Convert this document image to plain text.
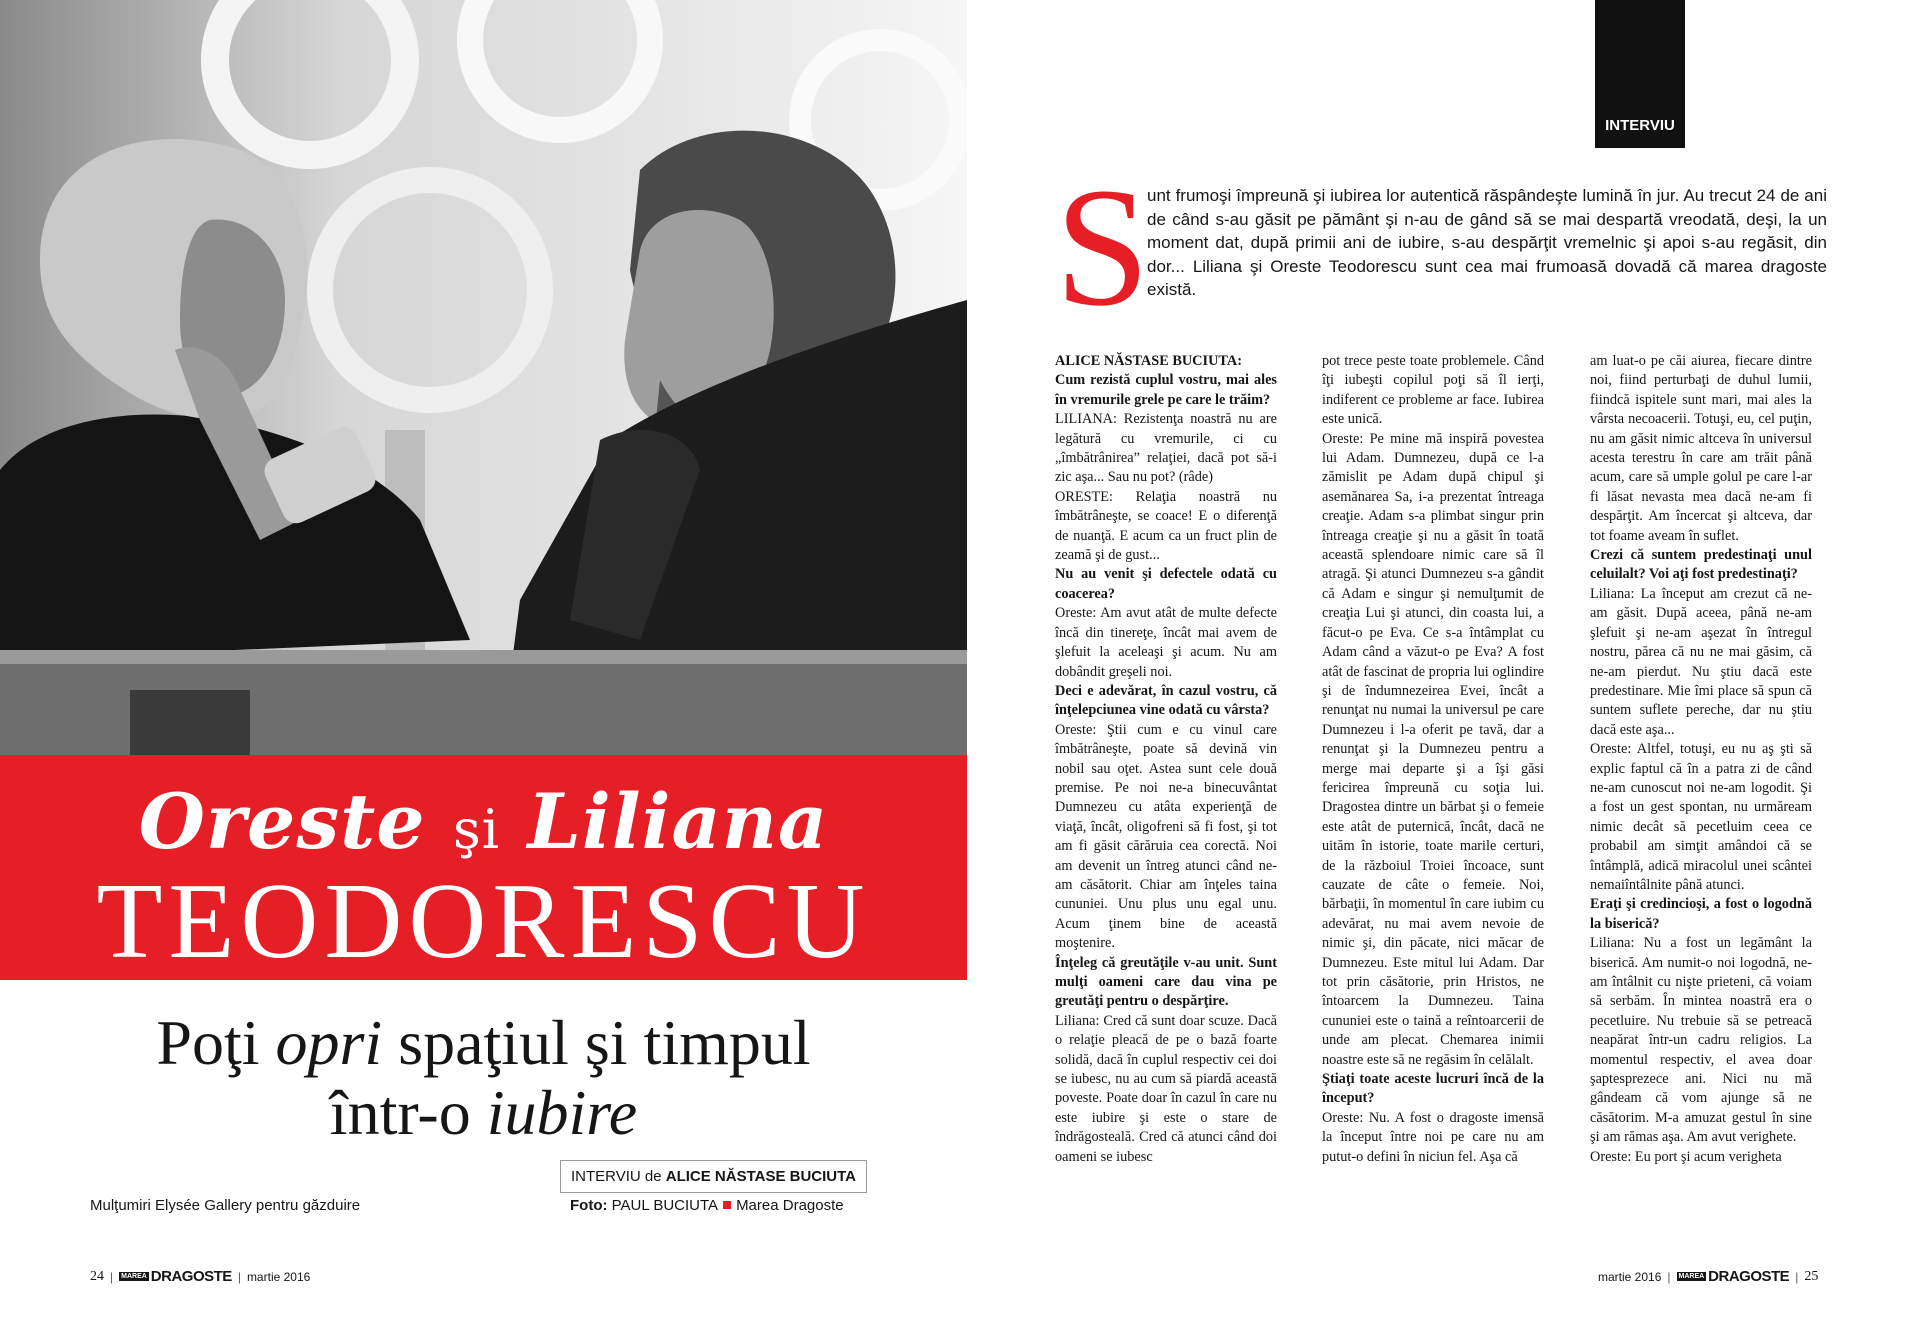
Oreste şi Liliana
TEODORESCU
Poţi opri spaţiul şi timpul
într-o iubire
INTERVIU de ALICE NĂSTASE BUCIUTA
Foto: PAUL BUCIUTA Marea Dragoste
Mulţumiri Elysée Gallery pentru găzduire
24 | MAREA DRAGOSTE | martie 2016
INTERVIU
S

unt frumoşi împreună şi iubirea lor autentică răspândeşte lumină în jur. Au trecut 24 de ani de când s-au găsit pe pământ şi n-au de gând să se mai despartă vreodată, deşi, la un moment dat, după primii ani de iubire, s-au despărţit vremelnic şi apoi s-au regăsit, din dor... Liliana şi Oreste Teodorescu sunt cea mai frumoasă dovadă că marea dragoste există.

ALICE NĂSTASE BUCIUTA:

Cum rezistă cuplul vostru, mai ales în vremurile grele pe care le trăim?

LILIANA: Rezistenţa noastră nu are legătură cu vremurile, ci cu „îmbătrânirea” relaţiei, dacă pot să-i zic aşa... Sau nu pot? (râde)

ORESTE: Relaţia noastră nu îmbătrâneşte, se coace! E o diferenţă de nuanţă. E acum ca un fruct plin de zeamă şi de gust...

Nu au venit şi defectele odată cu coacerea?

Oreste: Am avut atât de multe defecte încă din tinereţe, încât mai avem de şlefuit la aceleaşi şi acum. Nu am dobândit greşeli noi.

Deci e adevărat, în cazul vostru, că înţelepciunea vine odată cu vârsta?

Oreste: Ştii cum e cu vinul care îmbătrâneşte, poate să devină vin nobil sau oţet. Astea sunt cele două premise. Pe noi ne-a binecuvântat Dumnezeu cu atâta experienţă de viaţă, încât, oligofreni să fi fost, şi tot am fi găsit cărăruia cea corectă. Noi am devenit un întreg atunci când ne-am căsătorit. Chiar am înţeles taina cununiei. Unu plus unu egal unu. Acum ţinem bine de această moştenire.

Înţeleg că greutăţile v-au unit. Sunt mulţi oameni care dau vina pe greutăţi pentru o despărţire.

Liliana: Cred că sunt doar scuze. Dacă o relaţie pleacă de pe o bază foarte solidă, dacă în cuplul respectiv cei doi se iubesc, nu au cum să piardă această poveste. Poate doar în cazul în care nu este iubire şi este o stare de îndrăgosteală. Cred că atunci când doi oameni se iubesc

pot trece peste toate problemele. Când îţi iubeşti copilul poţi să îl ierţi, indiferent ce probleme ar face. Iubirea este unică.

Oreste: Pe mine mă inspiră povestea lui Adam. Dumnezeu, după ce l-a zămislit pe Adam după chipul şi asemănarea Sa, i-a prezentat întreaga creaţie. Adam s-a plimbat singur prin întreaga creaţie şi nu a găsit în toată această splendoare nimic care să îl atragă. Şi atunci Dumnezeu s-a gândit că Adam e singur şi nemulţumit de creaţia Lui şi atunci, din coasta lui, a făcut-o pe Eva. Ce s-a întâmplat cu Adam când a văzut-o pe Eva? A fost atât de fascinat de propria lui oglindire şi de îndumnezeirea Evei, încât a renunţat nu numai la universul pe care Dumnezeu i l-a oferit pe tavă, dar a renunţat şi la Dumnezeu pentru a merge mai departe şi a îşi găsi fericirea împreună cu soţia lui. Dragostea dintre un bărbat şi o femeie este atât de puternică, încât, dacă ne uităm în istorie, toate marile certuri, de la războiul Troiei încoace, sunt cauzate de câte o femeie. Noi, bărbaţii, în momentul în care iubim cu adevărat, nu mai avem nevoie de nimic şi, din păcate, nici măcar de Dumnezeu. Este mitul lui Adam. Dar tot prin căsătorie, prin Hristos, ne întoarcem la Dumnezeu. Taina cununiei este o taină a reîntoarcerii de unde am plecat. Chemarea inimii noastre este să ne regăsim în celălalt.

Ştiaţi toate aceste lucruri încă de la început?

Oreste: Nu. A fost o dragoste imensă la început între noi pe care nu am putut-o defini în niciun fel. Aşa că

am luat-o pe căi aiurea, fiecare dintre noi, fiind perturbaţi de duhul lumii, fiindcă ispitele sunt mari, mai ales la vârsta necoacerii. Totuşi, eu, cel puţin, nu am găsit nimic altceva în universul acesta terestru în care am trăit până acum, care să umple golul pe care l-ar fi lăsat nevasta mea dacă ne-am fi despărţit. Am încercat şi altceva, dar tot foame aveam în suflet.

Crezi că suntem predestinaţi unul celuilalt? Voi aţi fost predestinaţi?

Liliana: La început am crezut că ne-am găsit. După aceea, până ne-am şlefuit şi ne-am aşezat în întregul nostru, părea că nu ne mai găsim, că ne-am pierdut. Nu ştiu dacă este predestinare. Mie îmi place să spun că suntem suflete pereche, dar nu ştiu dacă este aşa...

Oreste: Altfel, totuşi, eu nu aş şti să explic faptul că în a patra zi de când ne-am cunoscut noi ne-am logodit. Şi a fost un gest spontan, nu urmăream nimic decât să pecetluim ceea ce probabil am simţit amândoi că se întâmplă, adică miracolul unei scântei nemaiîntâlnite până atunci.

Eraţi şi credincioşi, a fost o logodnă la biserică?

Liliana: Nu a fost un legământ la biserică. Am numit-o noi logodnă, ne-am întâlnit cu nişte prieteni, că voiam să serbăm. În mintea noastră era o pecetluire. Nu trebuie să se petreacă neapărat într-un cadru religios. La momentul respectiv, el avea doar şaptesprezece ani. Nici nu mă gândeam că vom ajunge să ne căsătorim. M-a amuzat gestul în sine şi am rămas aşa. Am avut verighete.

Oreste: Eu port şi acum verigheta

martie 2016 | MAREA DRAGOSTE | 25
